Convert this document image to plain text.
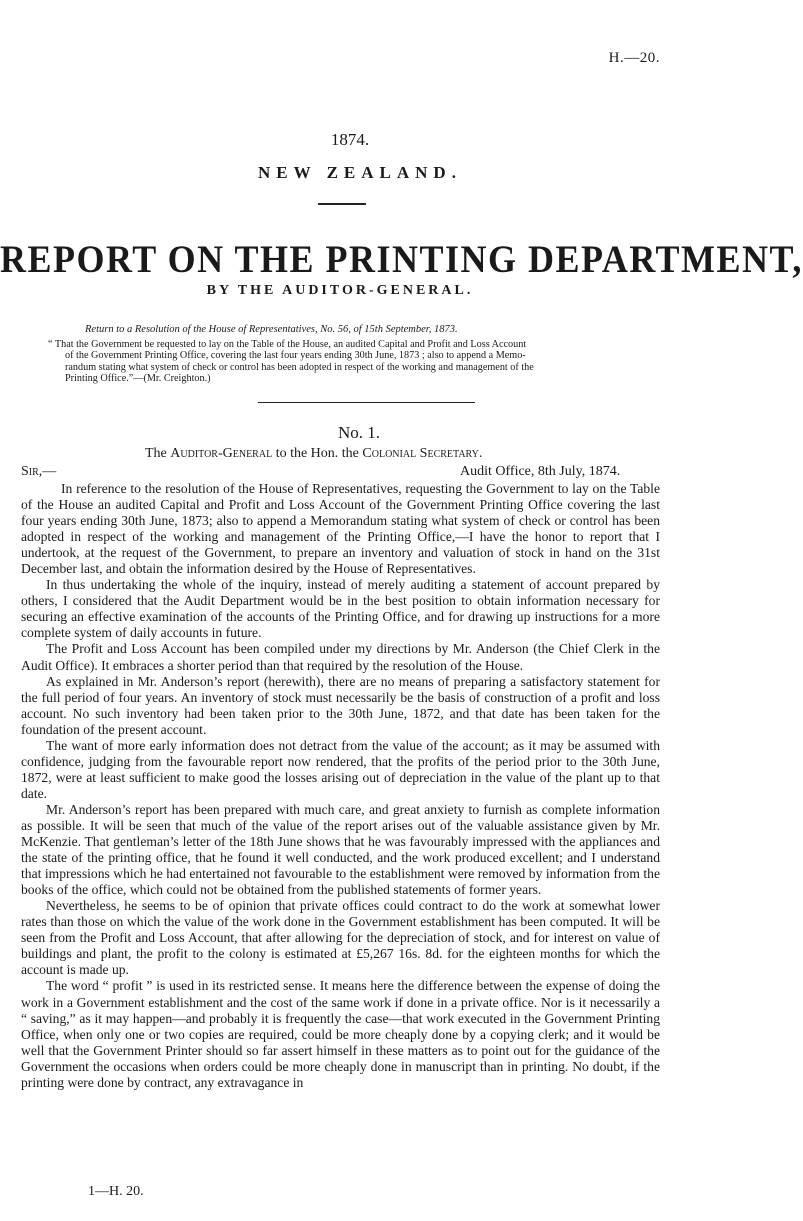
H.—20.
1874.
NEW ZEALAND.
REPORT ON THE PRINTING DEPARTMENT,
BY THE AUDITOR-GENERAL.
Return to a Resolution of the House of Representatives, No. 56, of 15th September, 1873.
“ That the Government be requested to lay on the Table of the House, an audited Capital and Profit and Loss Account
of the Government Printing Office, covering the last four years ending 30th June, 1873 ; also to append a Memo-
randum stating what system of check or control has been adopted in respect of the working and management of the
Printing Office.”—(Mr. Creighton.)
No. 1.
The Auditor-General to the Hon. the Colonial Secretary.
Sir,—	Audit Office, 8th July, 1874.

In reference to the resolution of the House of Representatives, requesting the Government to lay on the Table of the House an audited Capital and Profit and Loss Account of the Government Printing Office covering the last four years ending 30th June, 1873; also to append a Memorandum stating what system of check or control has been adopted in respect of the working and management of the Printing Office,—I have the honor to report that I undertook, at the request of the Government, to prepare an inventory and valuation of stock in hand on the 31st December last, and obtain the information desired by the House of Representatives.

In thus undertaking the whole of the inquiry, instead of merely auditing a statement of account prepared by others, I considered that the Audit Department would be in the best position to obtain information necessary for securing an effective examination of the accounts of the Printing Office, and for drawing up instructions for a more complete system of daily accounts in future.

The Profit and Loss Account has been compiled under my directions by Mr. Anderson (the Chief Clerk in the Audit Office). It embraces a shorter period than that required by the resolution of the House.

As explained in Mr. Anderson’s report (herewith), there are no means of preparing a satisfactory statement for the full period of four years. An inventory of stock must necessarily be the basis of construction of a profit and loss account. No such inventory had been taken prior to the 30th June, 1872, and that date has been taken for the foundation of the present account.

The want of more early information does not detract from the value of the account; as it may be assumed with confidence, judging from the favourable report now rendered, that the profits of the period prior to the 30th June, 1872, were at least sufficient to make good the losses arising out of depreciation in the value of the plant up to that date.

Mr. Anderson’s report has been prepared with much care, and great anxiety to furnish as complete information as possible. It will be seen that much of the value of the report arises out of the valuable assistance given by Mr. McKenzie. That gentleman’s letter of the 18th June shows that he was favourably impressed with the appliances and the state of the printing office, that he found it well conducted, and the work produced excellent; and I understand that impressions which he had entertained not favourable to the establishment were removed by information from the books of the office, which could not be obtained from the published statements of former years.

Nevertheless, he seems to be of opinion that private offices could contract to do the work at somewhat lower rates than those on which the value of the work done in the Government establishment has been computed. It will be seen from the Profit and Loss Account, that after allowing for the depreciation of stock, and for interest on value of buildings and plant, the profit to the colony is estimated at £5,267 16s. 8d. for the eighteen months for which the account is made up.

The word “ profit ” is used in its restricted sense. It means here the difference between the expense of doing the work in a Government establishment and the cost of the same work if done in a private office. Nor is it necessarily a “ saving,” as it may happen—and probably it is frequently the case—that work executed in the Government Printing Office, when only one or two copies are required, could be more cheaply done by a copying clerk; and it would be well that the Government Printer should so far assert himself in these matters as to point out for the guidance of the Government the occasions when orders could be more cheaply done in manuscript than in printing. No doubt, if the printing were done by contract, any extravagance in

1—H. 20.
